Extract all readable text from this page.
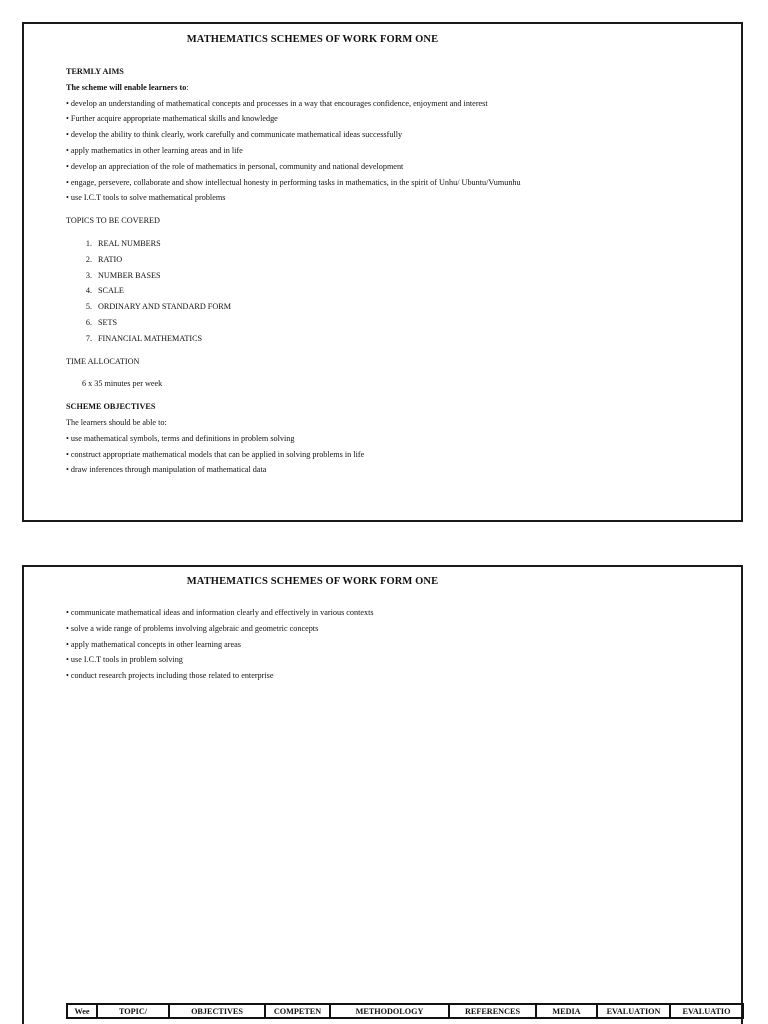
MATHEMATICS SCHEMES OF WORK FORM ONE
TERMLY AIMS
The scheme will enable learners to:
• develop an understanding of mathematical concepts and processes in a way that encourages confidence, enjoyment and interest
• Further acquire appropriate mathematical skills and knowledge
• develop the ability to think clearly, work carefully and communicate mathematical ideas successfully
• apply mathematics in other learning areas and in life
• develop an appreciation of the role of mathematics in personal, community and national development
• engage, persevere, collaborate and show intellectual honesty in performing tasks in mathematics, in the spirit of Unhu/ Ubuntu/Vumunhu
• use I.C.T tools to solve mathematical problems
TOPICS TO BE COVERED
1. REAL NUMBERS
2. RATIO
3. NUMBER BASES
4. SCALE
5. ORDINARY AND STANDARD FORM
6. SETS
7. FINANCIAL MATHEMATICS
TIME ALLOCATION
6 x 35 minutes per week
SCHEME OBJECTIVES
The learners should be able to:
• use mathematical symbols, terms and definitions in problem solving
• construct appropriate mathematical models that can be applied in solving problems in life
• draw inferences through manipulation of mathematical data
MATHEMATICS SCHEMES OF WORK FORM ONE
• communicate mathematical ideas and information clearly and effectively in various contexts
• solve a wide range of problems involving algebraic and geometric concepts
• apply mathematical concepts in other learning areas
• use I.C.T tools in problem solving
• conduct research projects including those related to enterprise
Wee	TOPIC/	OBJECTIVES	COMPETEN	METHODOLOGY	REFERENCES	MEDIA	EVALUATION	EVALUATIO
